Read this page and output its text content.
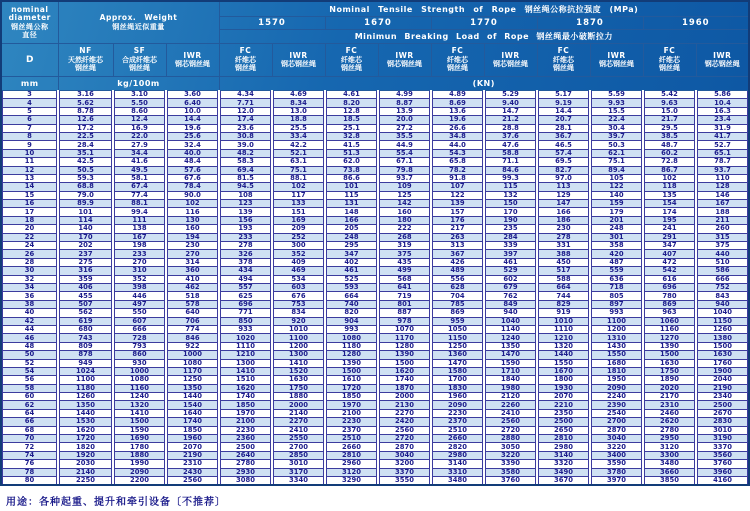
nominal
diameter
钢丝绳公称
直径	Approx. Weight
钢丝绳近似重量			Nominal Tensile Strength of Rope 钢丝绳公称抗拉强度 (MPa)									
				1570		1670		1770		1870		1960	
				Minimun Breaking Load of Rope 钢丝绳最小破断拉力									
D	NF
天然纤维芯
钢丝绳	SF
合成纤维芯
钢丝绳	IWR
钢芯钢丝绳	FC
纤维芯
钢丝绳	IWR
钢芯钢丝绳	FC
纤维芯
钢丝绳	IWR
钢芯钢丝绳	FC
纤维芯
钢丝绳	IWR
钢芯钢丝绳	FC
纤维芯
钢丝绳	IWR
钢芯钢丝绳	FC
纤维芯
钢丝绳	IWR
钢芯钢丝绳

mm	kg/100m			(KN)									
3	3.16	3.10	3.60	4.34	4.69	4.61	4.99	4.89	5.29	5.17	5.59	5.42	5.86
4	5.62	5.50	6.40	7.71	8.34	8.20	8.87	8.69	9.40	9.19	9.93	9.63	10.4
5	8.78	8.60	10.0	12.0	13.0	12.8	13.9	13.6	14.7	14.4	15.5	15.0	16.3
6	12.6	12.4	14.4	17.4	18.8	18.5	20.0	19.6	21.2	20.7	22.4	21.7	23.4
7	17.2	16.9	19.6	23.6	25.5	25.1	27.2	26.6	28.8	28.1	30.4	29.5	31.9
8	22.5	22.0	25.6	30.8	33.4	32.8	35.5	34.8	37.6	36.7	39.7	38.5	41.7
9	28.4	27.9	32.4	39.0	42.2	41.5	44.9	44.0	47.6	46.5	50.3	48.7	52.7
10	35.1	34.4	40.0	48.2	52.1	51.3	55.4	54.3	58.8	57.4	62.1	60.2	65.1
11	42.5	41.6	48.4	58.3	63.1	62.0	67.1	65.8	71.1	69.5	75.1	72.8	78.7
12	50.5	49.5	57.6	69.4	75.1	73.8	79.8	78.2	84.6	82.7	89.4	86.7	93.7
13	59.3	58.1	67.6	81.5	88.1	86.6	93.7	91.8	99.3	97.0	105	102	110
14	68.8	67.4	78.4	94.5	102	101	109	107	115	113	122	118	128
15	79.0	77.4	90.0	108	117	115	125	122	132	129	140	135	146
16	89.9	88.1	102	123	133	131	142	139	150	147	159	154	167
17	101	99.4	116	139	151	148	160	157	170	166	179	174	188
18	114	111	130	156	169	166	180	176	190	186	201	195	211
20	140	138	160	193	209	205	222	217	235	230	248	241	260
22	170	167	194	233	252	248	268	263	284	278	301	291	315
24	202	198	230	278	300	295	319	313	339	331	358	347	375
26	237	233	270	326	352	347	375	367	397	388	420	407	440
28	275	270	314	378	409	402	435	426	461	450	487	472	510
30	316	310	360	434	469	461	499	489	529	517	559	542	586
32	359	352	410	494	534	525	568	556	602	588	636	616	666
34	406	398	462	557	603	593	641	628	679	664	718	696	752
36	455	446	518	625	676	664	719	704	762	744	805	780	843
38	507	497	578	696	753	740	801	785	849	829	897	869	940
40	562	550	640	771	834	820	887	869	940	919	993	963	1040
42	619	607	706	850	920	904	978	959	1040	1010	1100	1060	1150
44	680	666	774	933	1010	993	1070	1050	1140	1110	1200	1160	1260
46	743	728	846	1020	1100	1080	1170	1150	1240	1210	1310	1270	1380
48	809	793	922	1110	1200	1180	1280	1250	1350	1320	1430	1390	1500
50	878	860	1000	1210	1300	1280	1390	1360	1470	1440	1550	1500	1630
52	949	930	1080	1300	1410	1390	1500	1470	1590	1550	1680	1630	1760
54	1024	1000	1170	1410	1520	1500	1620	1580	1710	1670	1810	1750	1900
56	1100	1080	1250	1510	1630	1610	1740	1700	1840	1800	1950	1890	2040
58	1180	1160	1350	1620	1750	1720	1870	1830	1980	1930	2090	2020	2190
60	1260	1240	1440	1740	1880	1850	2000	1960	2120	2070	2240	2170	2340
62	1350	1320	1540	1850	2000	1970	2130	2090	2260	2210	2390	2310	2500
64	1440	1410	1640	1970	2140	2100	2270	2230	2410	2350	2540	2460	2670
66	1530	1500	1740	2100	2270	2230	2420	2370	2560	2500	2700	2620	2830
68	1620	1590	1850	2230	2410	2370	2560	2510	2720	2650	2870	2780	3010
70	1720	1690	1960	2360	2550	2510	2720	2660	2880	2810	3040	2950	3190
72	1820	1780	2070	2500	2700	2660	2870	2820	3050	2980	3220	3120	3370
74	1920	1880	2190	2640	2850	2810	3040	2980	3220	3140	3400	3300	3560
76	2030	1990	2310	2780	3010	2960	3200	3140	3390	3320	3590	3480	3760
78	2140	2090	2430	2930	3170	3120	3370	3310	3580	3490	3780	3660	3960
80	2250	2200	2560	3080	3340	3290	3550	3480	3760	3670	3970	3850	4160
用途：各种起重、提升和牵引设备〔不推荐〕
